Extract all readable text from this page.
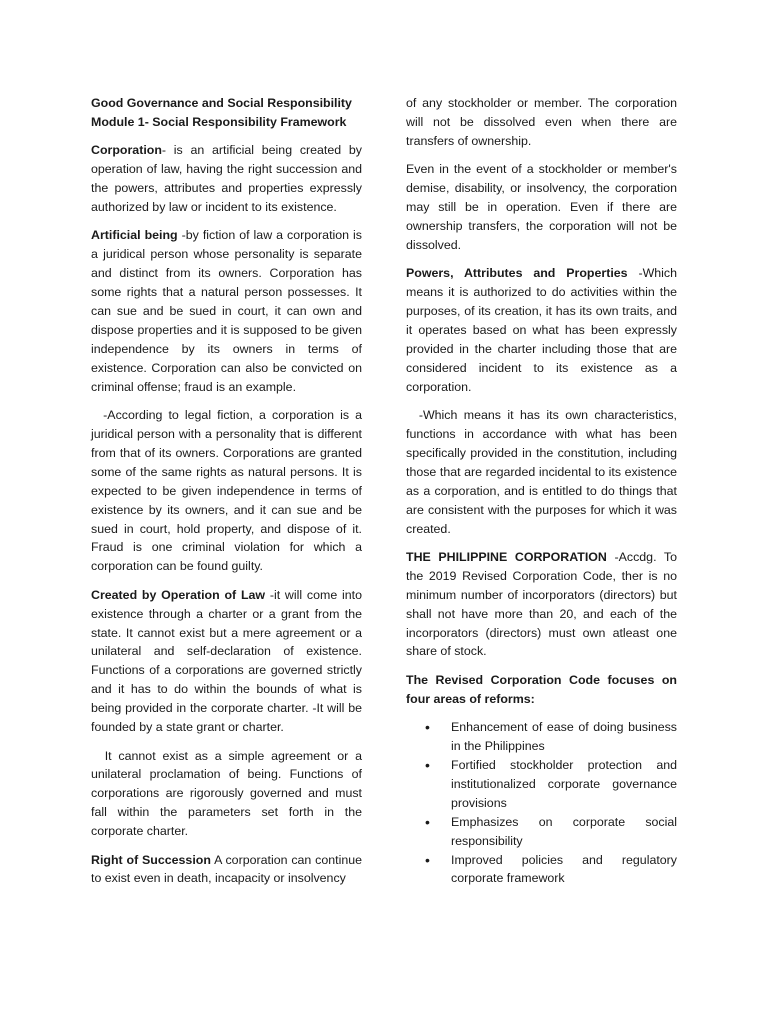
Good Governance and Social Responsibility
Module 1- Social Responsibility Framework

Corporation- is an artificial being created by operation of law, having the right succession and the powers, attributes and properties expressly authorized by law or incident to its existence.

Artificial being -by fiction of law a corporation is a juridical person whose personality is separate and distinct from its owners. Corporation has some rights that a natural person possesses. It can sue and be sued in court, it can own and dispose properties and it is supposed to be given independence by its owners in terms of existence. Corporation can also be convicted on criminal offense; fraud is an example.

-According to legal fiction, a corporation is a juridical person with a personality that is different from that of its owners. Corporations are granted some of the same rights as natural persons. It is expected to be given independence in terms of existence by its owners, and it can sue and be sued in court, hold property, and dispose of it. Fraud is one criminal violation for which a corporation can be found guilty.

Created by Operation of Law -it will come into existence through a charter or a grant from the state. It cannot exist but a mere agreement or a unilateral and self-declaration of existence. Functions of a corporations are governed strictly and it has to do within the bounds of what is being provided in the corporate charter. -It will be founded by a state grant or charter.

It cannot exist as a simple agreement or a unilateral proclamation of being. Functions of corporations are rigorously governed and must fall within the parameters set forth in the corporate charter.

Right of Succession A corporation can continue to exist even in death, incapacity or insolvency

of any stockholder or member. The corporation will not be dissolved even when there are transfers of ownership.

Even in the event of a stockholder or member's demise, disability, or insolvency, the corporation may still be in operation. Even if there are ownership transfers, the corporation will not be dissolved.

Powers, Attributes and Properties -Which means it is authorized to do activities within the purposes, of its creation, it has its own traits, and it operates based on what has been expressly provided in the charter including those that are considered incident to its existence as a corporation.

-Which means it has its own characteristics, functions in accordance with what has been specifically provided in the constitution, including those that are regarded incidental to its existence as a corporation, and is entitled to do things that are consistent with the purposes for which it was created.

THE PHILIPPINE CORPORATION -Accdg. To the 2019 Revised Corporation Code, ther is no minimum number of incorporators (directors) but shall not have more than 20, and each of the incorporators (directors) must own atleast one share of stock.

The Revised Corporation Code focuses on four areas of reforms:

• Enhancement of ease of doing business in the Philippines
• Fortified stockholder protection and institutionalized corporate governance provisions
• Emphasizes on corporate social responsibility
• Improved policies and regulatory corporate framework
